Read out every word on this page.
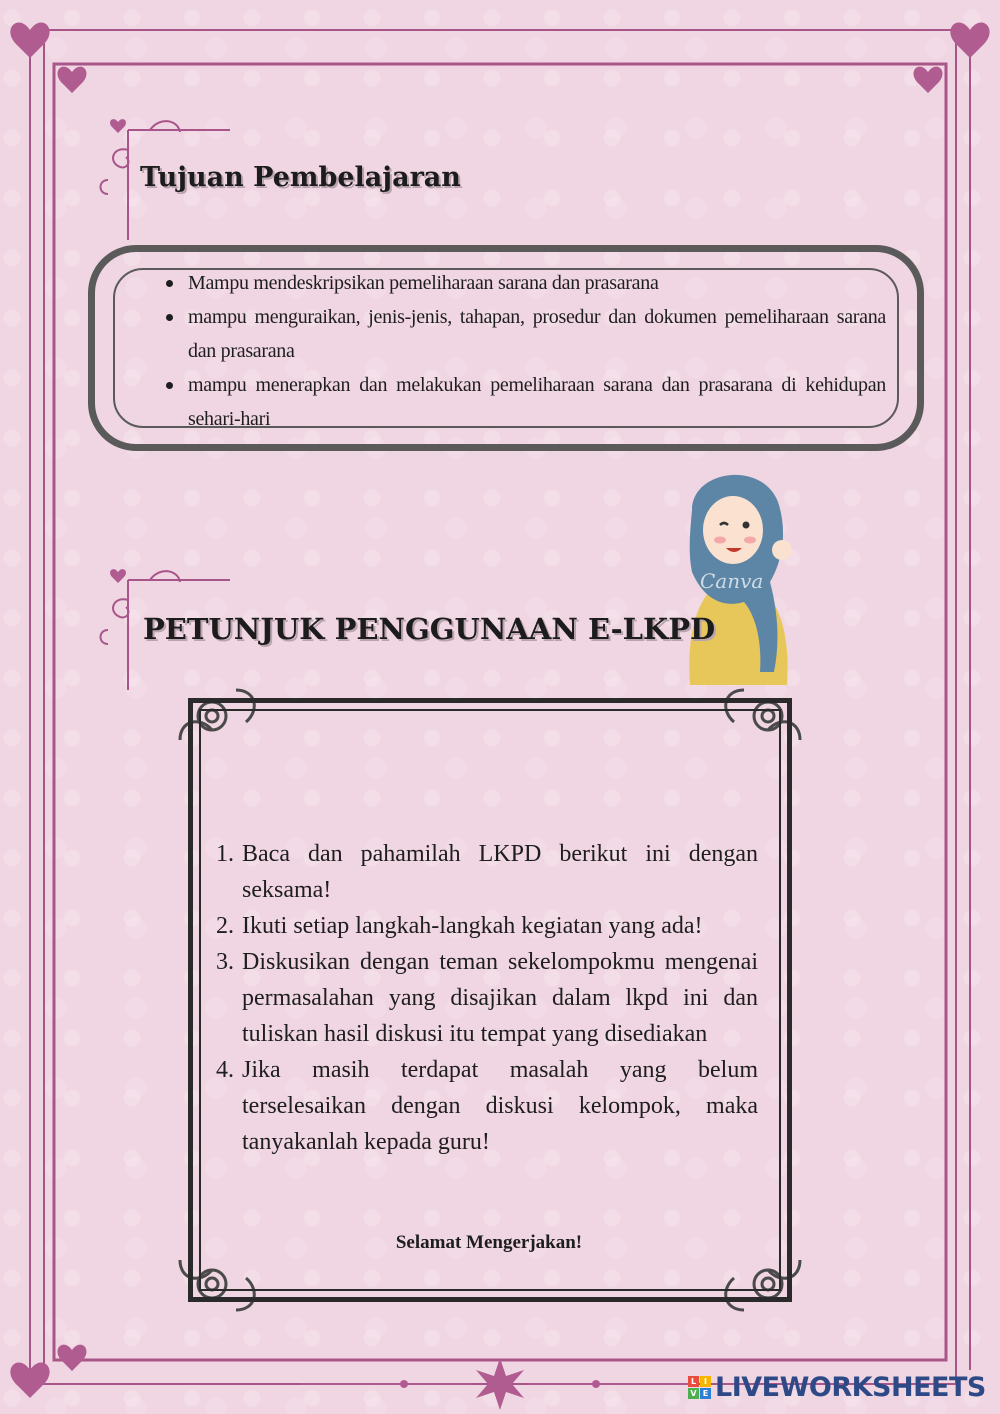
Tujuan Pembelajaran
Mampu mendeskripsikan pemeliharaan sarana dan prasarana
mampu menguraikan, jenis-jenis, tahapan, prosedur dan dokumen pemeliharaan sarana dan prasarana
mampu menerapkan dan melakukan pemeliharaan sarana dan prasarana di kehidupan sehari-hari
Canva
PETUNJUK PENGGUNAAN E-LKPD
1. Baca dan pahamilah LKPD berikut ini dengan seksama!
2. Ikuti setiap langkah-langkah kegiatan yang ada!
3. Diskusikan dengan teman sekelompokmu mengenai permasalahan yang disajikan dalam lkpd ini dan tuliskan hasil diskusi itu tempat yang disediakan
4. Jika masih terdapat masalah yang belum terselesaikan dengan diskusi kelompok, maka tanyakanlah kepada guru!
Selamat Mengerjakan!
L I
V E LIVEWORKSHEETS
